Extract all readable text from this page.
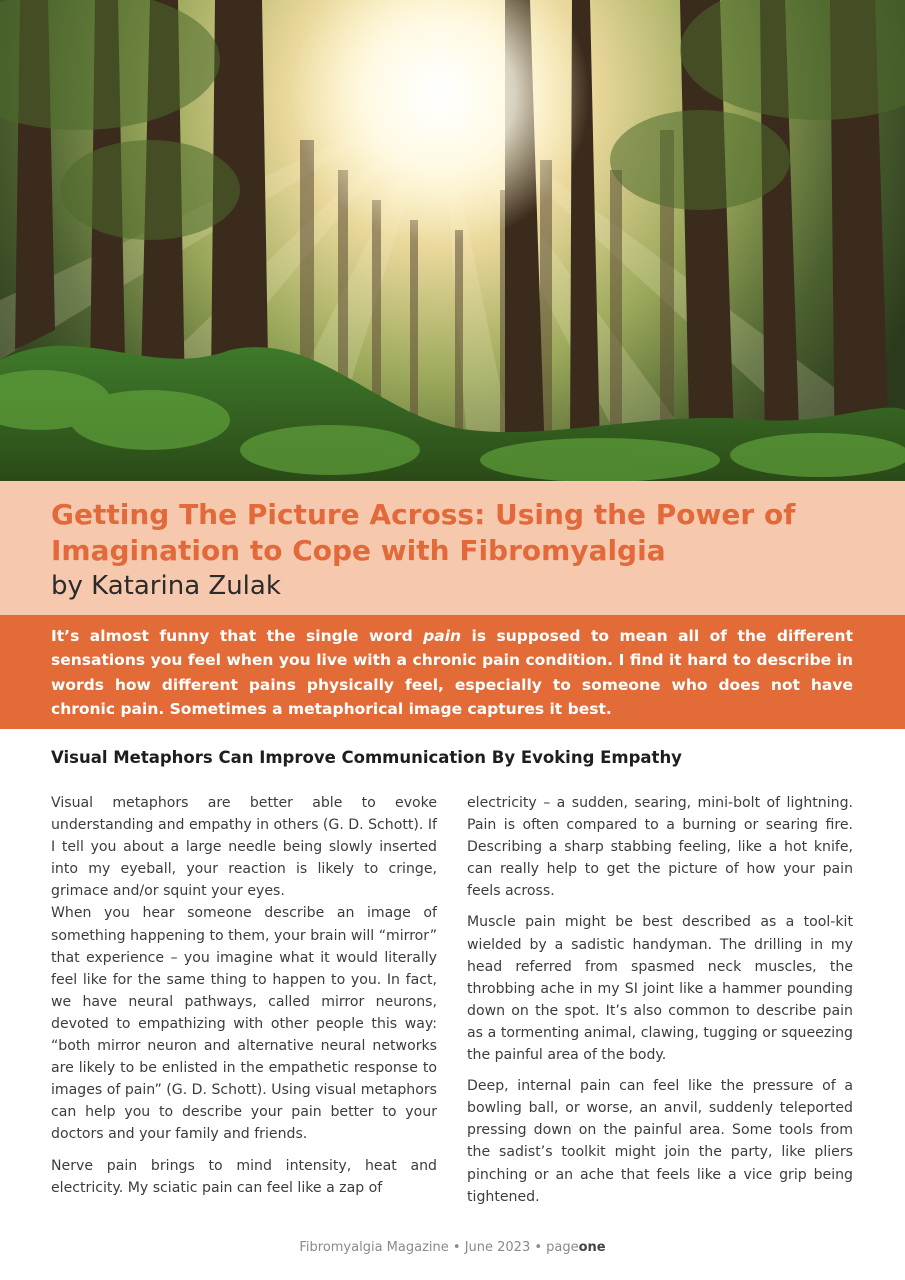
Getting The Picture Across: Using the Power of Imagination to Cope with Fibromyalgia
by Katarina Zulak

It’s almost funny that the single word pain is supposed to mean all of the different sensations you feel when you live with a chronic pain condition. I find it hard to describe in words how different pains physically feel, especially to someone who does not have chronic pain. Sometimes a metaphorical image captures it best.

Visual Metaphors Can Improve Communication By Evoking Empathy

Visual metaphors are better able to evoke understanding and empathy in others (G. D. Schott). If I tell you about a large needle being slowly inserted into my eyeball, your reaction is likely to cringe, grimace and/or squint your eyes.

When you hear someone describe an image of something happening to them, your brain will “mirror” that experience – you imagine what it would literally feel like for the same thing to happen to you. In fact, we have neural pathways, called mirror neurons, devoted to empathizing with other people this way: “both mirror neuron and alternative neural networks are likely to be enlisted in the empathetic response to images of pain” (G. D. Schott). Using visual metaphors can help you to describe your pain better to your doctors and your family and friends.

Nerve pain brings to mind intensity, heat and electricity. My sciatic pain can feel like a zap of

electricity – a sudden, searing, mini-bolt of lightning. Pain is often compared to a burning or searing fire. Describing a sharp stabbing feeling, like a hot knife, can really help to get the picture of how your pain feels across.

Muscle pain might be best described as a tool-kit wielded by a sadistic handyman. The drilling in my head referred from spasmed neck muscles, the throbbing ache in my SI joint like a hammer pounding down on the spot. It’s also common to describe pain as a tormenting animal, clawing, tugging or squeezing the painful area of the body.

Deep, internal pain can feel like the pressure of a bowling ball, or worse, an anvil, suddenly teleported pressing down on the painful area. Some tools from the sadist’s toolkit might join the party, like pliers pinching or an ache that feels like a vice grip being tightened.

Fibromyalgia Magazine • June 2023 • pageone
